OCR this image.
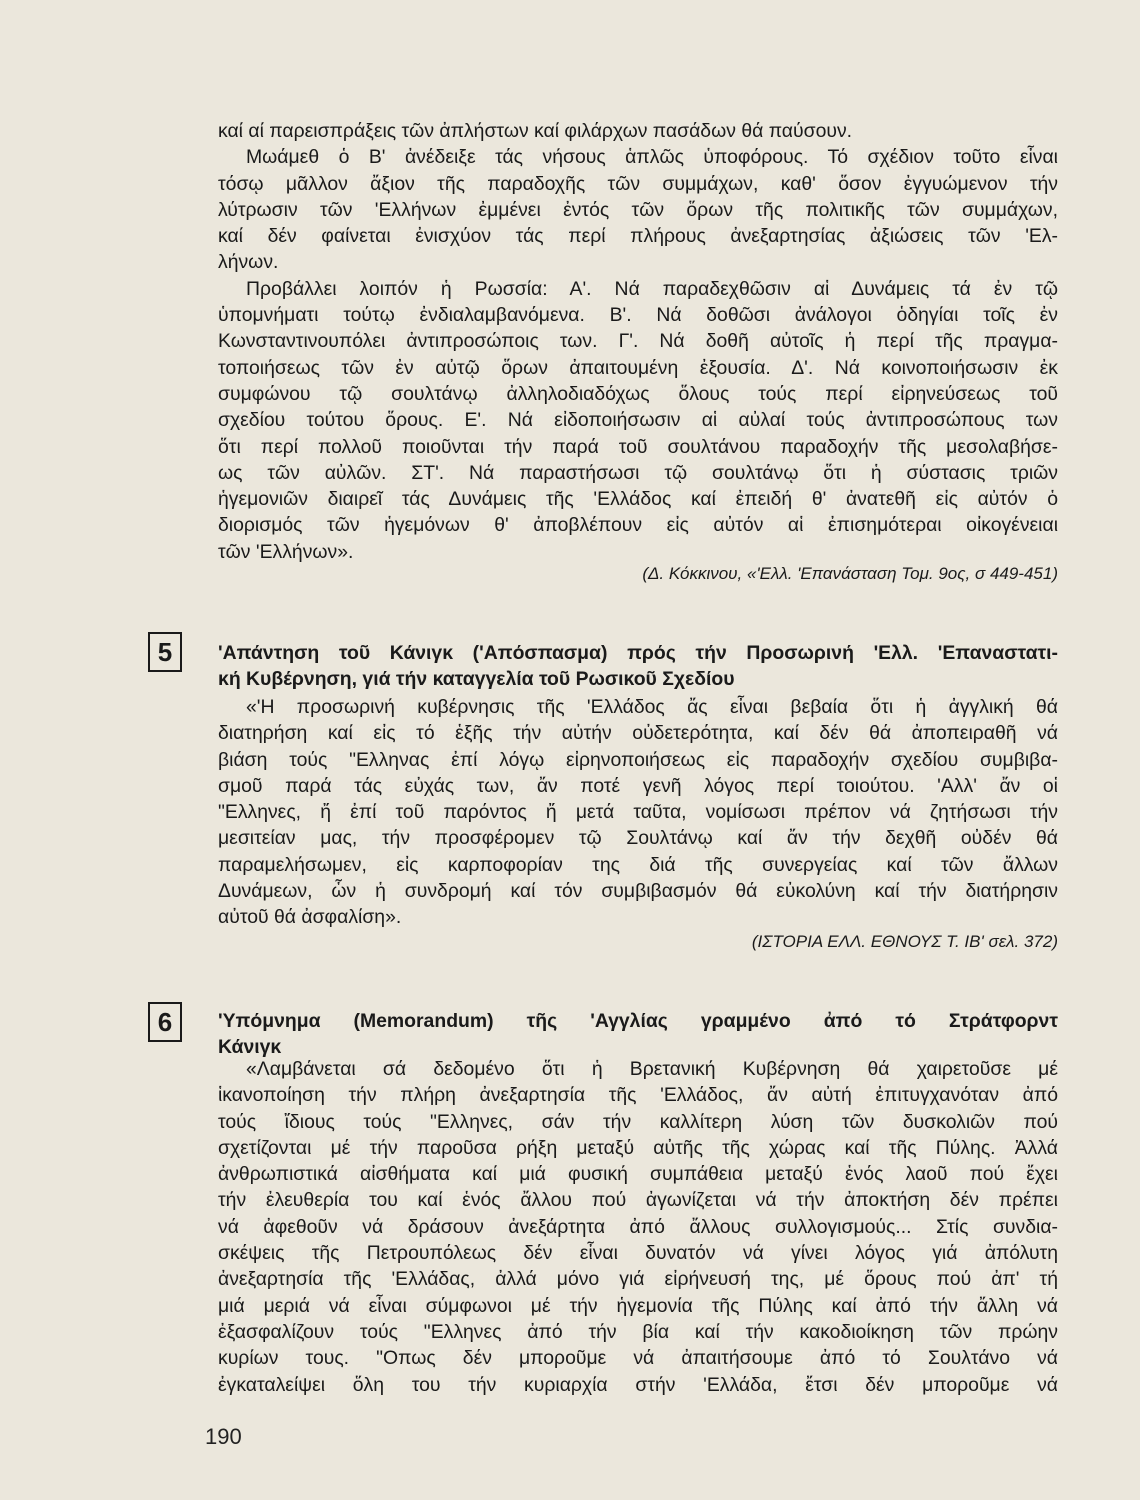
καί αί παρεισπράξεις τῶν ἀπλήστων καί φιλάρχων πασάδων θά παύσουν.
Μωάμεθ ὁ Β' ἀνέδειξε τάς νήσους ἁπλῶς ὑποφόρους. Τό σχέδιον τοῦτο εἶναι
τόσῳ μᾶλλον ἄξιον τῆς παραδοχῆς τῶν συμμάχων, καθ' ὅσον ἐγγυώμενον τήν
λύτρωσιν τῶν 'Ελλήνων ἐμμένει ἐντός τῶν ὅρων τῆς πολιτικῆς τῶν συμμάχων,
καί δέν φαίνεται ἐνισχύον τάς περί πλήρους ἀνεξαρτησίας ἀξιώσεις τῶν 'Ελ-
λήνων.
Προβάλλει λοιπόν ἡ Ρωσσία: Α'. Νά παραδεχθῶσιν αἱ Δυνάμεις τά ἐν τῷ
ὑπομνήματι τούτῳ ἐνδιαλαμβανόμενα. Β'. Νά δοθῶσι ἀνάλογοι ὁδηγίαι τοῖς ἐν
Κωνσταντινουπόλει ἀντιπροσώποις των. Γ'. Νά δοθῆ αὐτοῖς ἡ περί τῆς πραγμα-
τοποιήσεως τῶν ἐν αὐτῷ ὅρων ἀπαιτουμένη ἐξουσία. Δ'. Νά κοινοποιήσωσιν ἐκ
συμφώνου τῷ σουλτάνῳ ἀλληλοδιαδόχως ὅλους τούς περί εἰρηνεύσεως τοῦ
σχεδίου τούτου ὅρους. Ε'. Νά εἰδοποιήσωσιν αἱ αὐλαί τούς ἀντιπροσώπους των
ὅτι περί πολλοῦ ποιοῦνται τήν παρά τοῦ σουλτάνου παραδοχήν τῆς μεσολαβήσε-
ως τῶν αὐλῶν. ΣΤ'. Νά παραστήσωσι τῷ σουλτάνῳ ὅτι ἡ σύστασις τριῶν
ἡγεμονιῶν διαιρεῖ τάς Δυνάμεις τῆς 'Ελλάδος καί ἐπειδή θ' ἀνατεθῆ εἰς αὐτόν ὁ
διορισμός τῶν ἡγεμόνων θ' ἀποβλέπουν εἰς αὐτόν αἱ ἐπισημότεραι οἰκογένειαι
τῶν 'Ελλήνων».
(Δ. Κόκκινου, «'Ελλ. 'Επανάσταση Τομ. 9ος, σ 449-451)
5	'Απάντηση τοῦ Κάνιγκ ('Απόσπασμα) πρός τήν Προσωρινή 'Ελλ. 'Επαναστατι-
κή Κυβέρνηση, γιά τήν καταγγελία τοῦ Ρωσικοῦ Σχεδίου
«'Η προσωρινή κυβέρνησις τῆς 'Ελλάδος ἄς εἶναι βεβαία ὅτι ἡ ἀγγλική θά
διατηρήση καί εἰς τό ἑξῆς τήν αὐτήν οὐδετερότητα, καί δέν θά ἀποπειραθῆ νά
βιάση τούς "Ελληνας ἐπί λόγῳ εἰρηνοποιήσεως εἰς παραδοχήν σχεδίου συμβιβα-
σμοῦ παρά τάς εὐχάς των, ἄν ποτέ γενῆ λόγος περί τοιούτου. 'Αλλ' ἄν οἱ
"Ελληνες, ἤ ἐπί τοῦ παρόντος ἤ μετά ταῦτα, νομίσωσι πρέπον νά ζητήσωσι τήν
μεσιτείαν μας, τήν προσφέρομεν τῷ Σουλτάνῳ καί ἄν τήν δεχθῆ οὐδέν θά
παραμελήσωμεν, εἰς καρποφορίαν της διά τῆς συνεργείας καί τῶν ἄλλων
Δυνάμεων, ὧν ἡ συνδρομή καί τόν συμβιβασμόν θά εὐκολύνη καί τήν διατήρησιν
αὐτοῦ θά ἀσφαλίση».
(ΙΣΤΟΡΙΑ ΕΛΛ. ΕΘΝΟΥΣ Τ. ΙΒ' σελ. 372)
6	'Υπόμνημα (Memorandum) τῆς 'Αγγλίας γραμμένο ἀπό τό Στράτφορντ
Κάνιγκ
«Λαμβάνεται σά δεδομένο ὅτι ἡ Βρετανική Κυβέρνηση θά χαιρετοῦσε μέ
ἱκανοποίηση τήν πλήρη ἀνεξαρτησία τῆς 'Ελλάδος, ἄν αὐτή ἐπιτυγχανόταν ἀπό
τούς ἴδιους τούς "Ελληνες, σάν τήν καλλίτερη λύση τῶν δυσκολιῶν πού
σχετίζονται μέ τήν παροῦσα ρήξη μεταξύ αὐτῆς τῆς χώρας καί τῆς Πύλης. Ἀλλά
ἀνθρωπιστικά αἰσθήματα καί μιά φυσική συμπάθεια μεταξύ ἑνός λαοῦ πού ἔχει
τήν ἐλευθερία του καί ἑνός ἄλλου πού ἀγωνίζεται νά τήν ἀποκτήση δέν πρέπει
νά ἀφεθοῦν νά δράσουν ἀνεξάρτητα ἀπό ἄλλους συλλογισμούς... Στίς συνδια-
σκέψεις τῆς Πετρουπόλεως δέν εἶναι δυνατόν νά γίνει λόγος γιά ἀπόλυτη
ἀνεξαρτησία τῆς 'Ελλάδας, ἀλλά μόνο γιά εἰρήνευσή της, μέ ὅρους πού ἀπ' τή
μιά μεριά νά εἶναι σύμφωνοι μέ τήν ἡγεμονία τῆς Πύλης καί ἀπό τήν ἄλλη νά
ἐξασφαλίζουν τούς "Ελληνες ἀπό τήν βία καί τήν κακοδιοίκηση τῶν πρώην
κυρίων τους. "Οπως δέν μποροῦμε νά ἀπαιτήσουμε ἀπό τό Σουλτάνο νά
ἐγκαταλείψει ὅλη του τήν κυριαρχία στήν 'Ελλάδα, ἔτσι δέν μποροῦμε νά
190
